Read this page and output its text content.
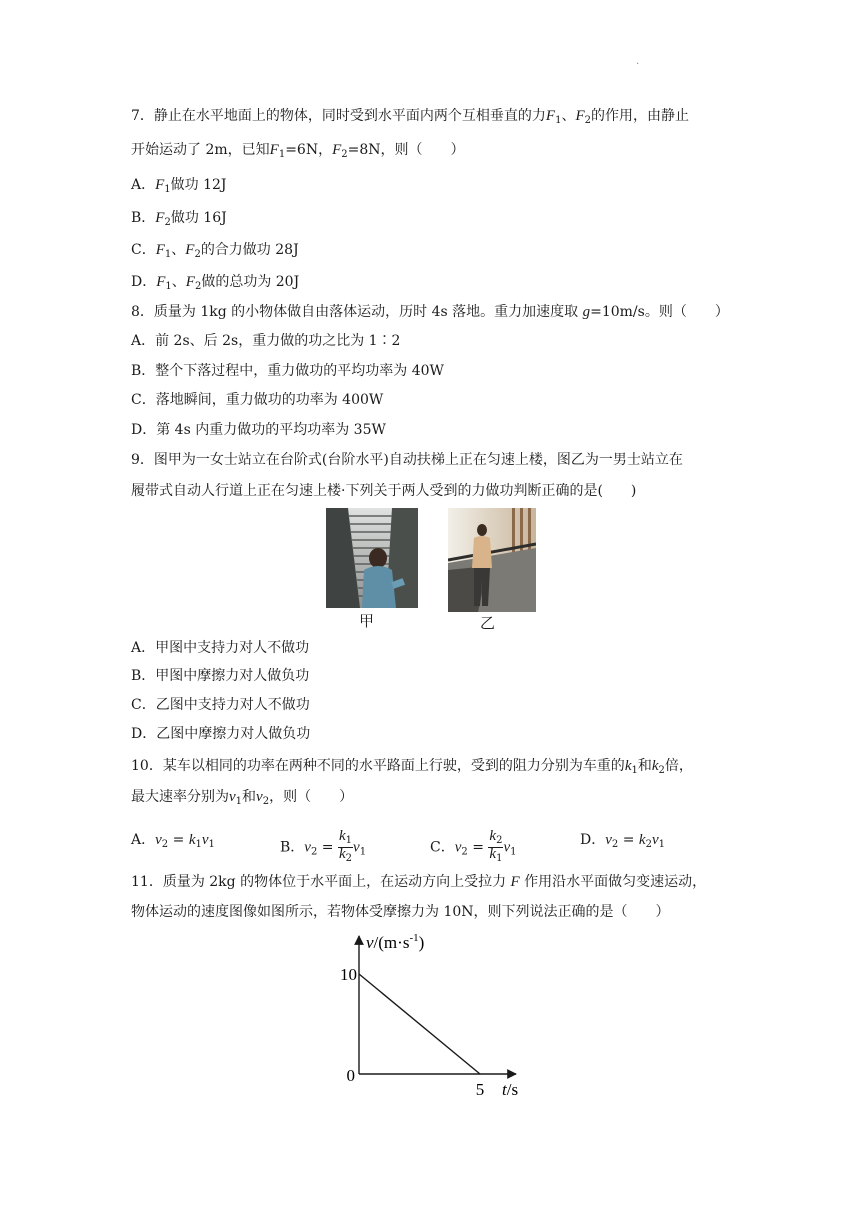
.
7．静止在水平地面上的物体，同时受到水平面内两个互相垂直的力$F_1$、$F_2$的作用，由静止
开始运动了 2m，已知$F_1=6N$，$F_2=8N$，则（　　）
A．$F_1$做功 12J
B．$F_2$做功 16J
C．$F_1$、$F_2$的合力做功 28J
D．$F_1$、$F_2$做的总功为 20J
8．质量为 1kg 的小物体做自由落体运动，历时 4s 落地。重力加速度取 g=10m/s。则（　　）
A．前 2s、后 2s，重力做的功之比为 1∶2
B．整个下落过程中，重力做功的平均功率为 40W
C．落地瞬间，重力做功的功率为 400W
D．第 4s 内重力做功的平均功率为 35W
9．图甲为一女士站立在台阶式(台阶水平)自动扶梯上正在匀速上楼，图乙为一男士站立在
履带式自动人行道上正在匀速上楼·下列关于两人受到的力做功判断正确的是(　　)
甲	乙
A．甲图中支持力对人不做功
B．甲图中摩擦力对人做负功
C．乙图中支持力对人不做功
D．乙图中摩擦力对人做负功
10．某车以相同的功率在两种不同的水平路面上行驶，受到的阻力分别为车重的$k_1$和$k_2$倍，
最大速率分别为$v_1$和$v_2$，则（　　）
A．$v_2 = k_1v_1$	B．$v_2 = \frac{k_1}{k_2} v_1$	C．$v_2 = \frac{k_2}{k_1} v_1$
D．$v_2 = k_2v_1$
11．质量为 2kg 的物体位于水平面上，在运动方向上受拉力 F 作用沿水平面做匀变速运动，
物体运动的速度图像如图所示，若物体受摩擦力为 10N，则下列说法正确的是（　　）
10
0
5
$v/(m\cdot s^{-1})$
t/s
